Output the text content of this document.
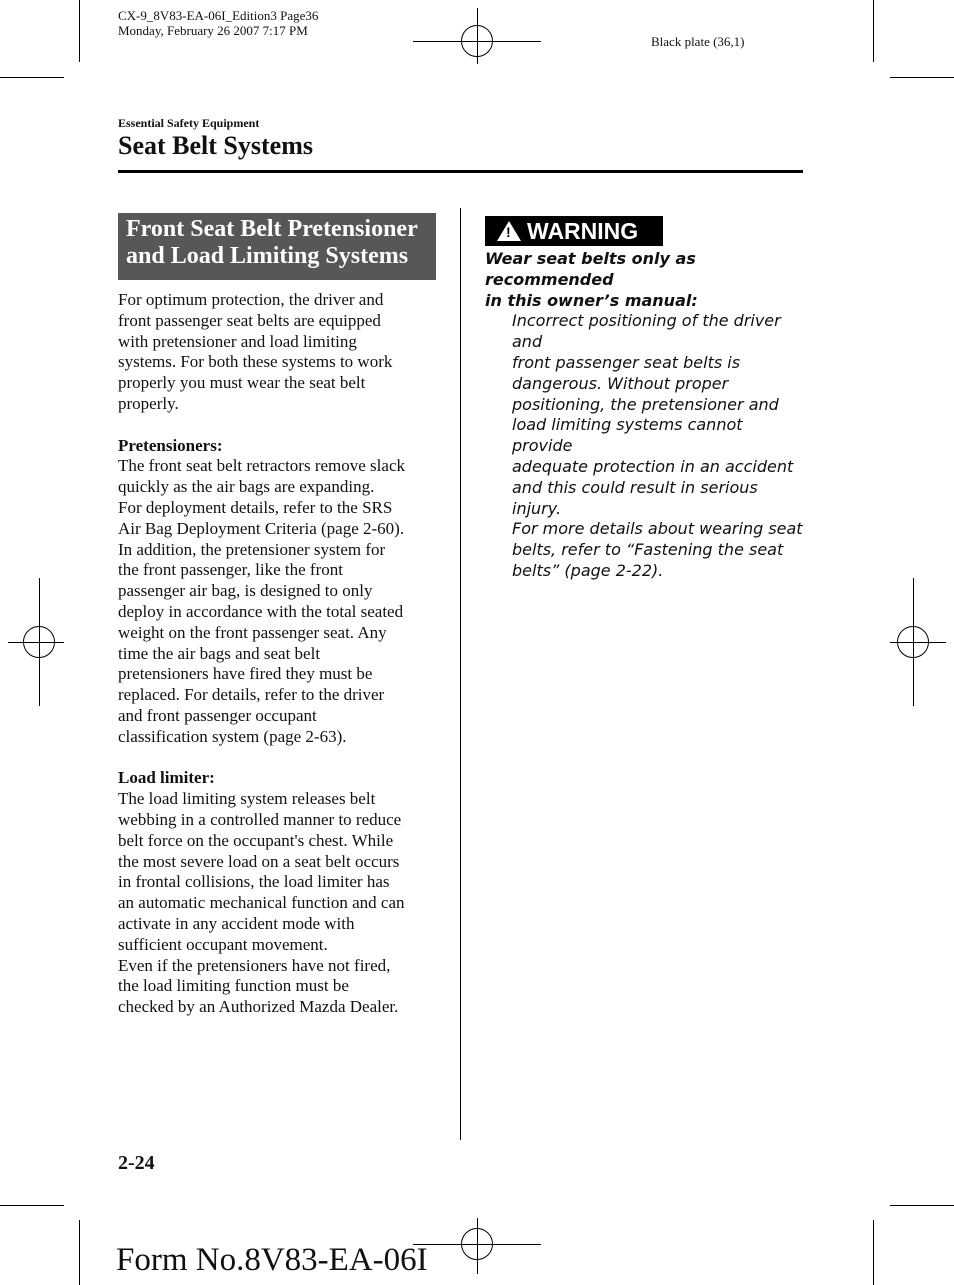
CX-9_8V83-EA-06I_Edition3 Page36
Monday, February 26 2007 7:17 PM
Black plate (36,1)
Essential Safety Equipment
Seat Belt Systems
Front Seat Belt Pretensioner
and Load Limiting Systems

For optimum protection, the driver and

front passenger seat belts are equipped

with pretensioner and load limiting

systems. For both these systems to work

properly you must wear the seat belt

properly.

Pretensioners:

The front seat belt retractors remove slack

quickly as the air bags are expanding.

For deployment details, refer to the SRS

Air Bag Deployment Criteria (page 2-60).

In addition, the pretensioner system for

the front passenger, like the front

passenger air bag, is designed to only

deploy in accordance with the total seated

weight on the front passenger seat. Any

time the air bags and seat belt

pretensioners have fired they must be

replaced. For details, refer to the driver

and front passenger occupant

classification system (page 2-63).

Load limiter:

The load limiting system releases belt

webbing in a controlled manner to reduce

belt force on the occupant's chest. While

the most severe load on a seat belt occurs

in frontal collisions, the load limiter has

an automatic mechanical function and can

activate in any accident mode with

sufficient occupant movement.

Even if the pretensioners have not fired,

the load limiting function must be

checked by an Authorized Mazda Dealer.

! WARNING

Wear seat belts only as recommended

in this owner’s manual:

Incorrect positioning of the driver and

front passenger seat belts is

dangerous. Without proper

positioning, the pretensioner and

load limiting systems cannot provide

adequate protection in an accident

and this could result in serious injury.

For more details about wearing seat

belts, refer to “Fastening the seat

belts” (page 2-22).

2-24
Form No.8V83-EA-06I
